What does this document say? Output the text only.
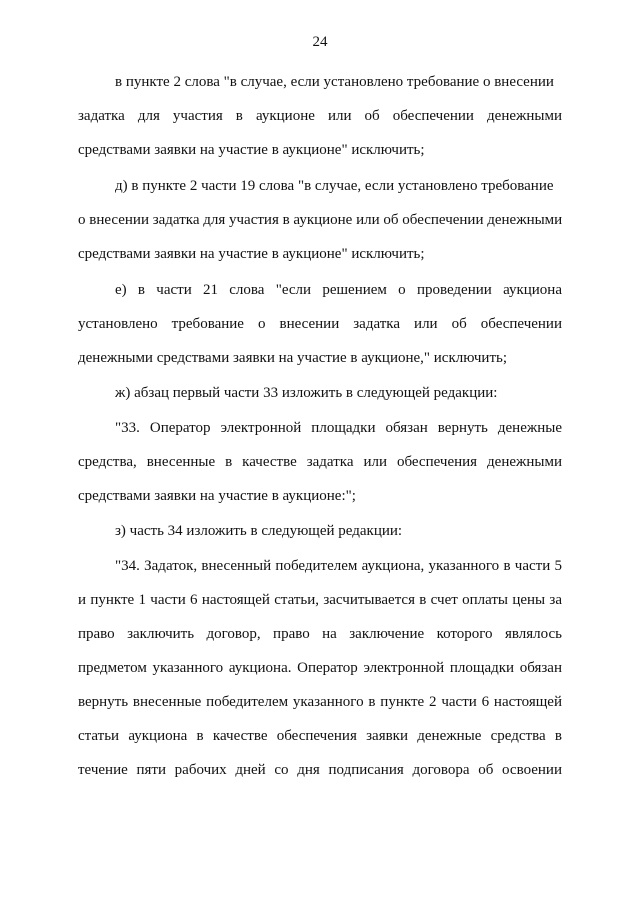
24
в пункте 2 слова "в случае, если установлено требование о внесении
задатка для участия в аукционе или об обеспечении денежными
средствами заявки на участие в аукционе" исключить;
д) в пункте 2 части 19 слова "в случае, если установлено требование
о внесении задатка для участия в аукционе или об обеспечении денежными
средствами заявки на участие в аукционе" исключить;
е) в части 21 слова "если решением о проведении аукциона
установлено требование о внесении задатка или об обеспечении
денежными средствами заявки на участие в аукционе," исключить;
ж) абзац первый части 33 изложить в следующей редакции:
"33. Оператор электронной площадки обязан вернуть денежные
средства, внесенные в качестве задатка или обеспечения денежными
средствами заявки на участие в аукционе:";
з) часть 34 изложить в следующей редакции:
"34. Задаток, внесенный победителем аукциона, указанного в части 5
и пункте 1 части 6 настоящей статьи, засчитывается в счет оплаты цены за
право заключить договор, право на заключение которого являлось
предметом указанного аукциона. Оператор электронной площадки обязан
вернуть внесенные победителем указанного в пункте 2 части 6 настоящей
статьи аукциона в качестве обеспечения заявки денежные средства в
течение пяти рабочих дней со дня подписания договора об освоении
